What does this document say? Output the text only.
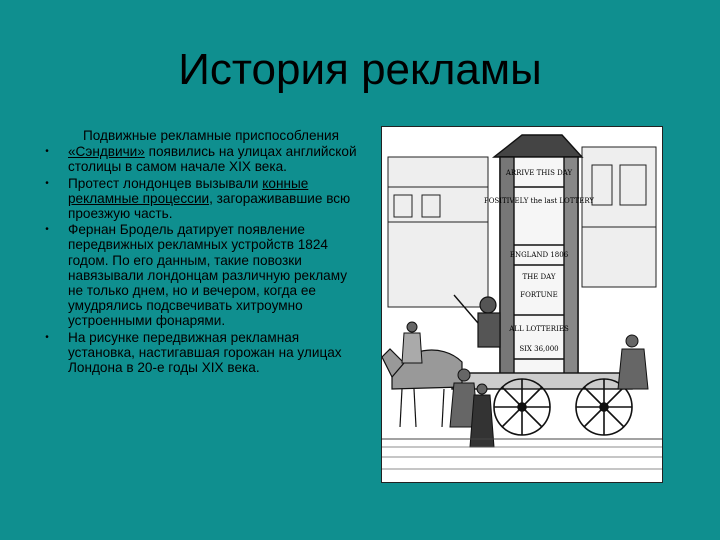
История рекламы
Подвижные рекламные приспособления
•	«Сэндвичи» появились на улицах английской столицы в самом начале XIX века.
•	Протест лондонцев вызывали конные рекламные процессии, загораживавшие всю проезжую часть.
•	Фернан Бродель датирует появление передвижных рекламных устройств 1824 годом. По его данным, такие повозки навязывали лондонцам различную рекламу не только днем, но и вечером, когда ее умудрялись подсвечивать хитроумно устроенными фонарями.
•	На рисунке передвижная рекламная установка, настигавшая горожан на улицах Лондона в 20-е годы XIX века.
ARRIVE THIS DAY
POSITIVELY the last LOTTERY
ENGLAND 1806
THE DAY
FORTUNE
ALL LOTTERIES
SIX 36,000
